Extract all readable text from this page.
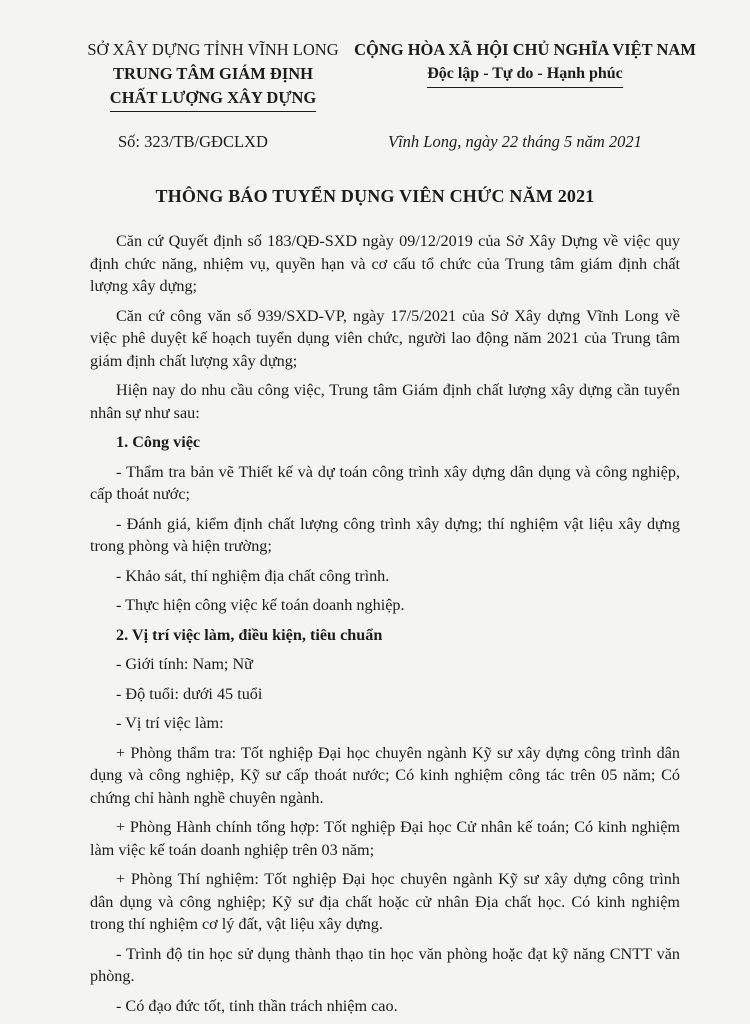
SỞ XÂY DỰNG TỈNH VĨNH LONG
TRUNG TÂM GIÁM ĐỊNH
CHẤT LƯỢNG XÂY DỰNG
CỘNG HÒA XÃ HỘI CHỦ NGHĨA VIỆT NAM
Độc lập - Tự do - Hạnh phúc
Số: 323/TB/GĐCLXD	Vĩnh Long, ngày 22 tháng 5 năm 2021
THÔNG BÁO TUYỂN DỤNG VIÊN CHỨC NĂM 2021

Căn cứ Quyết định số 183/QĐ-SXD ngày 09/12/2019 của Sở Xây Dựng về việc quy định chức năng, nhiệm vụ, quyền hạn và cơ cấu tổ chức của Trung tâm giám định chất lượng xây dựng;

Căn cứ công văn số 939/SXD-VP, ngày 17/5/2021 của Sở Xây dựng Vĩnh Long về việc phê duyệt kế hoạch tuyển dụng viên chức, người lao động năm 2021 của Trung tâm giám định chất lượng xây dựng;

Hiện nay do nhu cầu công việc, Trung tâm Giám định chất lượng xây dựng cần tuyển nhân sự như sau:

1. Công việc

- Thẩm tra bản vẽ Thiết kế và dự toán công trình xây dựng dân dụng và công nghiệp, cấp thoát nước;

- Đánh giá, kiểm định chất lượng công trình xây dựng; thí nghiệm vật liệu xây dựng trong phòng và hiện trường;

- Khảo sát, thí nghiệm địa chất công trình.

- Thực hiện công việc kế toán doanh nghiệp.

2. Vị trí việc làm, điều kiện, tiêu chuẩn

- Giới tính: Nam; Nữ

- Độ tuổi: dưới 45 tuổi

- Vị trí việc làm:

+ Phòng thẩm tra: Tốt nghiệp Đại học chuyên ngành Kỹ sư xây dựng công trình dân dụng và công nghiệp, Kỹ sư cấp thoát nước; Có kinh nghiệm công tác trên 05 năm; Có chứng chỉ hành nghề chuyên ngành.

+ Phòng Hành chính tổng hợp: Tốt nghiệp Đại học Cử nhân kế toán; Có kinh nghiệm làm việc kế toán doanh nghiệp trên 03 năm;

+ Phòng Thí nghiệm: Tốt nghiệp Đại học chuyên ngành Kỹ sư xây dựng công trình dân dụng và công nghiệp; Kỹ sư địa chất hoặc cử nhân Địa chất học. Có kinh nghiệm trong thí nghiệm cơ lý đất, vật liệu xây dựng.

- Trình độ tin học sử dụng thành thạo tin học văn phòng hoặc đạt kỹ năng CNTT văn phòng.

- Có đạo đức tốt, tinh thần trách nhiệm cao.
